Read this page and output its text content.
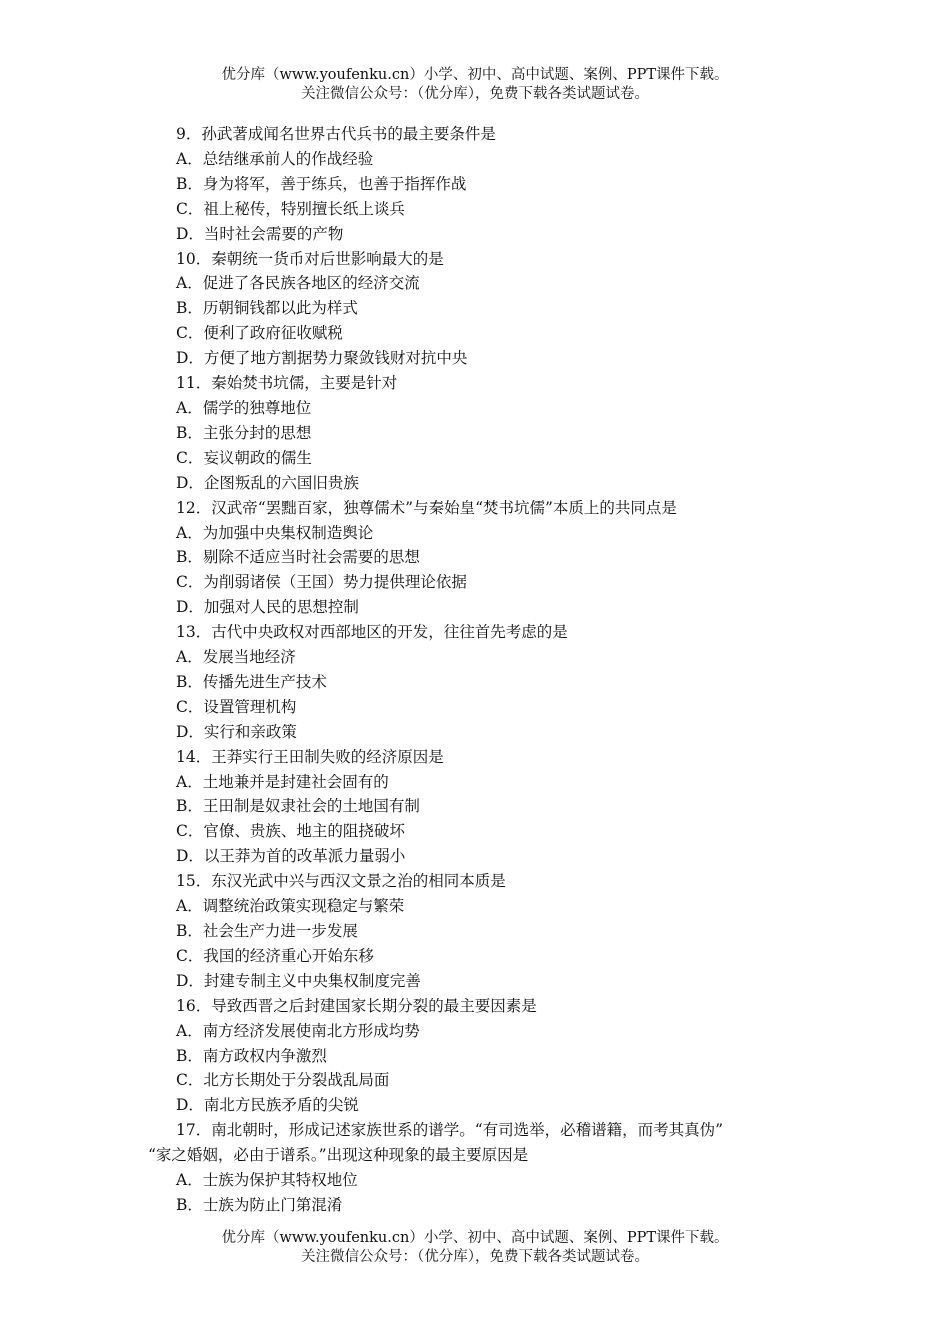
优分库（www.youfenku.cn）小学、初中、高中试题、案例、PPT课件下载。
关注微信公众号：（优分库），免费下载各类试题试卷。
9．孙武著成闻名世界古代兵书的最主要条件是
A．总结继承前人的作战经验
B．身为将军，善于练兵，也善于指挥作战
C．祖上秘传，特别擅长纸上谈兵
D．当时社会需要的产物
10．秦朝统一货币对后世影响最大的是
A．促进了各民族各地区的经济交流
B．历朝铜钱都以此为样式
C．便利了政府征收赋税
D．方便了地方割据势力聚敛钱财对抗中央
11．秦始焚书坑儒，主要是针对
A．儒学的独尊地位
B．主张分封的思想
C．妄议朝政的儒生
D．企图叛乱的六国旧贵族
12．汉武帝“罢黜百家，独尊儒术”与秦始皇“焚书坑儒”本质上的共同点是
A．为加强中央集权制造舆论
B．剔除不适应当时社会需要的思想
C．为削弱诸侯（王国）势力提供理论依据
D．加强对人民的思想控制
13．古代中央政权对西部地区的开发，往往首先考虑的是
A．发展当地经济
B．传播先进生产技术
C．设置管理机构
D．实行和亲政策
14．王莽实行王田制失败的经济原因是
A．土地兼并是封建社会固有的
B．王田制是奴隶社会的土地国有制
C．官僚、贵族、地主的阻挠破坏
D．以王莽为首的改革派力量弱小
15．东汉光武中兴与西汉文景之治的相同本质是
A．调整统治政策实现稳定与繁荣
B．社会生产力进一步发展
C．我国的经济重心开始东移
D．封建专制主义中央集权制度完善
16．导致西晋之后封建国家长期分裂的最主要因素是
A．南方经济发展使南北方形成均势
B．南方政权内争激烈
C．北方长期处于分裂战乱局面
D．南北方民族矛盾的尖锐
17．南北朝时，形成记述家族世系的谱学。“有司选举，必稽谱籍，而考其真伪”
“家之婚姻，必由于谱系。”出现这种现象的最主要原因是
A．士族为保护其特权地位
B．士族为防止门第混淆
优分库（www.youfenku.cn）小学、初中、高中试题、案例、PPT课件下载。
关注微信公众号：（优分库），免费下载各类试题试卷。
